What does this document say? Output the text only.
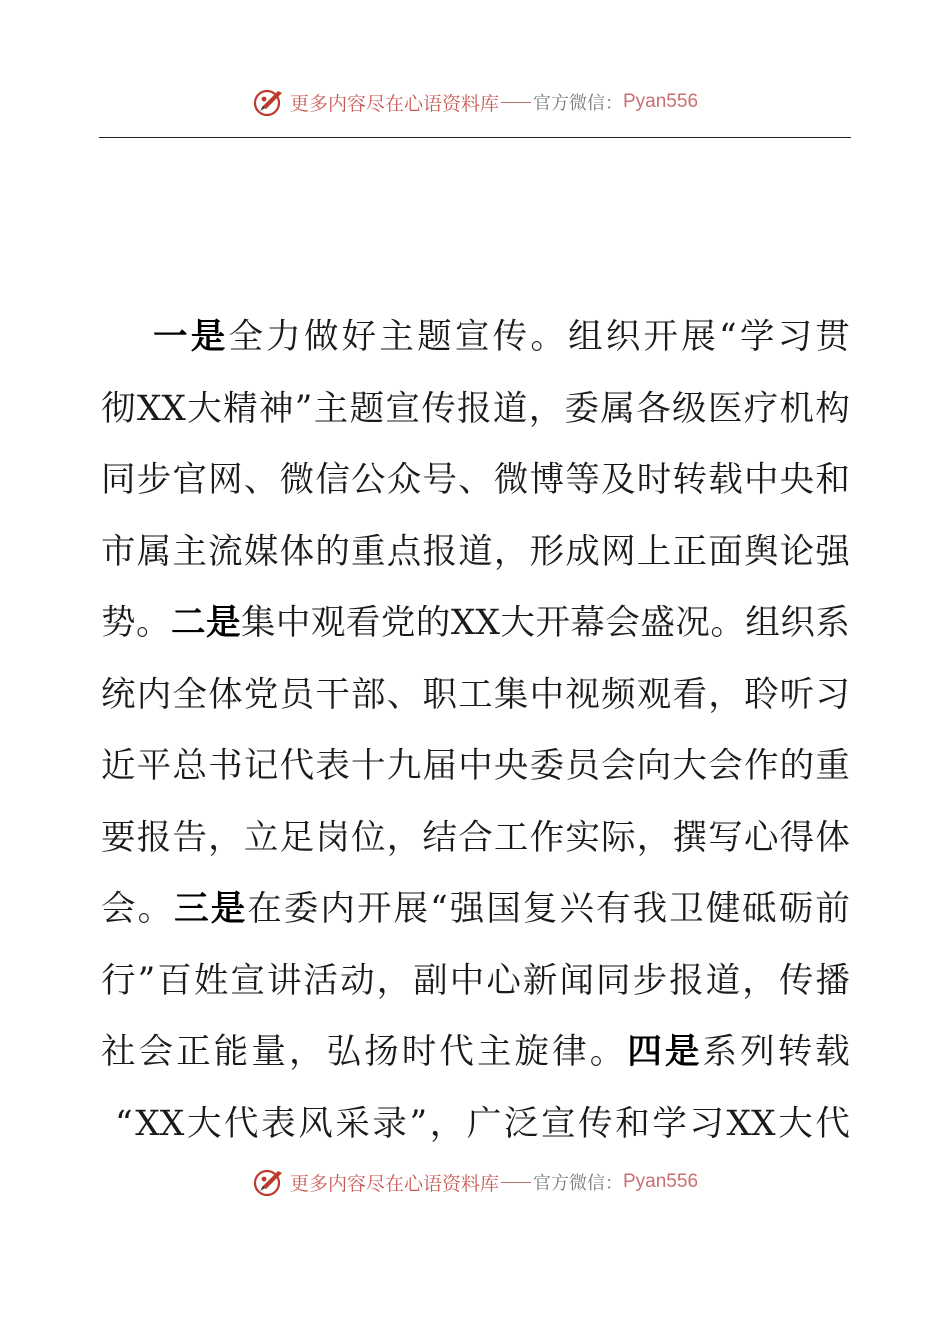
更多内容尽在心语资料库 官方微信： Pyan556
一 是 全 力 做 好 主 题 宣 传 。 组 织 开 展 “ 学 习 贯
彻 XX 大 精 神 ” 主 题 宣 传 报 道 ， 委 属 各 级 医 疗 机 构
同 步 官 网 、 微 信 公 众 号 、 微 博 等 及 时 转 载 中 央 和
市 属 主 流 媒 体 的 重 点 报 道 ， 形 成 网 上 正 面 舆 论 强
势 。 二 是 集 中 观 看 党 的 XX 大 开 幕 会 盛 况 。 组 织 系
统 内 全 体 党 员 干 部 、 职 工 集 中 视 频 观 看 ， 聆 听 习
近 平 总 书 记 代 表 十 九 届 中 央 委 员 会 向 大 会 作 的 重
要 报 告 ， 立 足 岗 位 ， 结 合 工 作 实 际 ， 撰 写 心 得 体
会 。 三 是 在 委 内 开 展 “ 强 国 复 兴 有 我 卫 健 砥 砺 前
行 ” 百 姓 宣 讲 活 动 ， 副 中 心 新 闻 同 步 报 道 ， 传 播
社 会 正 能 量 ， 弘 扬 时 代 主 旋 律 。 四 是 系 列 转 载
“ XX 大 代 表 风 采 录 ” ， 广 泛 宣 传 和 学 习 XX 大 代
更多内容尽在心语资料库 官方微信： Pyan556
